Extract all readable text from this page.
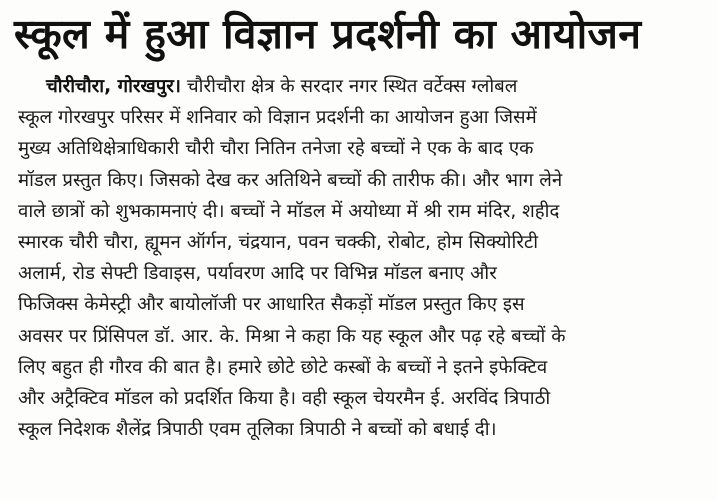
स्कूल में हुआ विज्ञान प्रदर्शनी का आयोजन
चौरीचौरा, गोरखपुर। चौरीचौरा क्षेत्र के सरदार नगर स्थित वर्टेक्स ग्लोबल
स्कूल गोरखपुर परिसर में शनिवार को विज्ञान प्रदर्शनी का आयोजन हुआ जिसमें
मुख्य अतिथिक्षेत्राधिकारी चौरी चौरा नितिन तनेजा रहे बच्चों ने एक के बाद एक
मॉडल प्रस्तुत किए। जिसको देख कर अतिथिने बच्चों की तारीफ की। और भाग लेने
वाले छात्रों को शुभकामनाएं दी। बच्चों ने मॉडल में अयोध्या में श्री राम मंदिर, शहीद
स्मारक चौरी चौरा, ह्यूमन ऑर्गन, चंद्रयान, पवन चक्की, रोबोट, होम सिक्योरिटी
अलार्म, रोड सेफ्टी डिवाइस, पर्यावरण आदि पर विभिन्न मॉडल बनाए और
फिजिक्स केमेस्ट्री और बायोलॉजी पर आधारित सैकड़ों मॉडल प्रस्तुत किए इस
अवसर पर प्रिंसिपल डॉ. आर. के. मिश्रा ने कहा कि यह स्कूल और पढ़ रहे बच्चों के
लिए बहुत ही गौरव की बात है। हमारे छोटे छोटे कस्बों के बच्चों ने इतने इफेक्टिव
और अट्रैक्टिव मॉडल को प्रदर्शित किया है। वही स्कूल चेयरमैन ई. अरविंद त्रिपाठी
स्कूल निदेशक शैलेंद्र त्रिपाठी एवम तूलिका त्रिपाठी ने बच्चों को बधाई दी।
